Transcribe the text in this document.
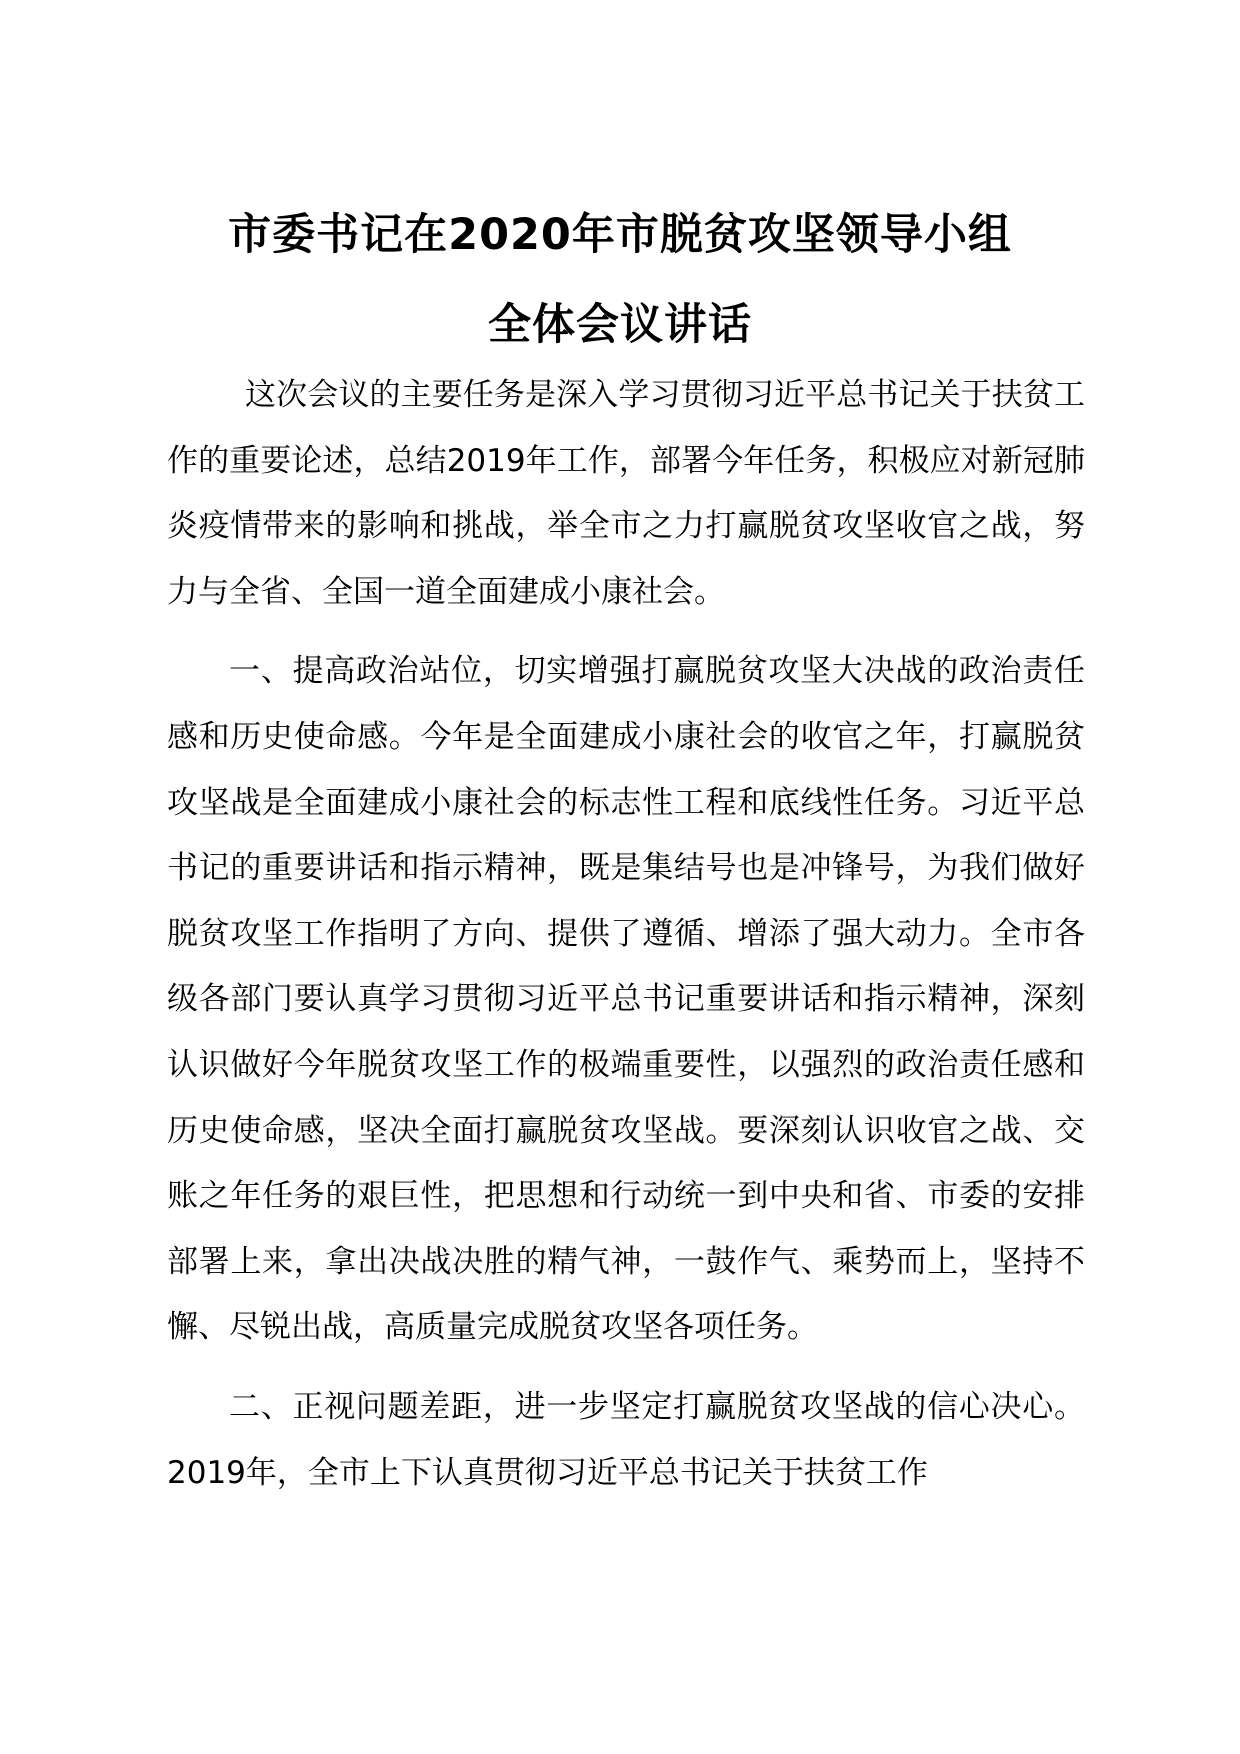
市委书记在2020年市脱贫攻坚领导小组
全体会议讲话

这次会议的主要任务是深入学习贯彻习近平总书记关于扶贫工作的重要论述，总结2019年工作，部署今年任务，积极应对新冠肺炎疫情带来的影响和挑战，举全市之力打赢脱贫攻坚收官之战，努力与全省、全国一道全面建成小康社会。

一、提高政治站位，切实增强打赢脱贫攻坚大决战的政治责任感和历史使命感。今年是全面建成小康社会的收官之年，打赢脱贫攻坚战是全面建成小康社会的标志性工程和底线性任务。习近平总书记的重要讲话和指示精神，既是集结号也是冲锋号，为我们做好脱贫攻坚工作指明了方向、提供了遵循、增添了强大动力。全市各级各部门要认真学习贯彻习近平总书记重要讲话和指示精神，深刻认识做好今年脱贫攻坚工作的极端重要性，以强烈的政治责任感和历史使命感，坚决全面打赢脱贫攻坚战。要深刻认识收官之战、交账之年任务的艰巨性，把思想和行动统一到中央和省、市委的安排部署上来，拿出决战决胜的精气神，一鼓作气、乘势而上，坚持不懈、尽锐出战，高质量完成脱贫攻坚各项任务。

二、正视问题差距，进一步坚定打赢脱贫攻坚战的信心决心。2019年，全市上下认真贯彻习近平总书记关于扶贫工作
